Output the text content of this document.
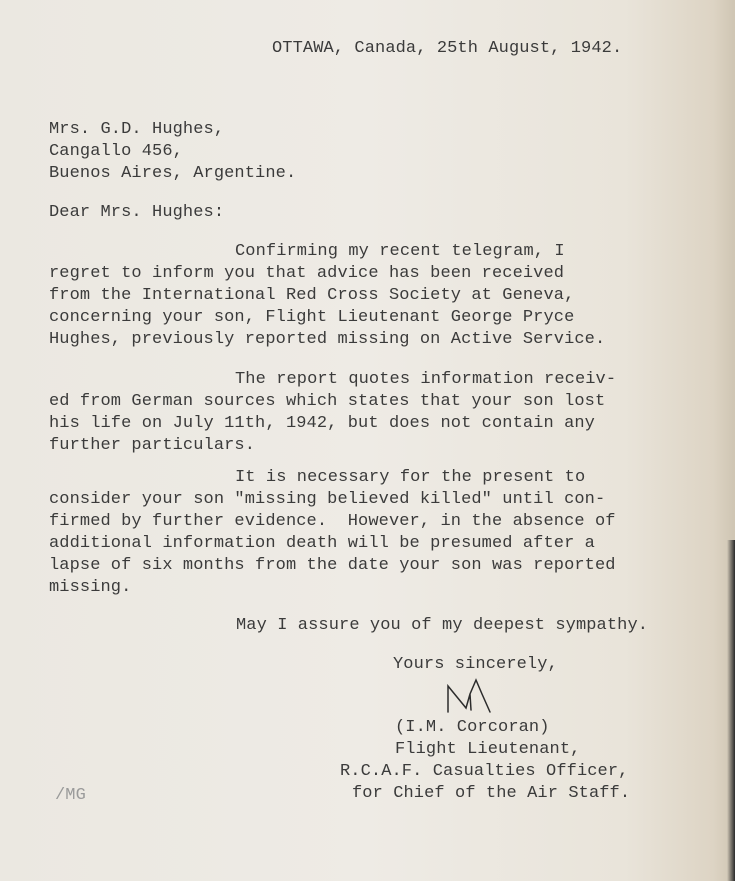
OTTAWA, Canada, 25th August, 1942.
Mrs. G.D. Hughes,
Cangallo 456,
Buenos Aires, Argentine.
Dear Mrs. Hughes:
Confirming my recent telegram, I
regret to inform you that advice has been received
from the International Red Cross Society at Geneva,
concerning your son, Flight Lieutenant George Pryce
Hughes, previously reported missing on Active Service.
The report quotes information receiv-
ed from German sources which states that your son lost
his life on July 11th, 1942, but does not contain any
further particulars.
It is necessary for the present to
consider your son "missing believed killed" until con-
firmed by further evidence.  However, in the absence of
additional information death will be presumed after a
lapse of six months from the date your son was reported
missing.
May I assure you of my deepest sympathy.
Yours sincerely,
(I.M. Corcoran)
Flight Lieutenant,
R.C.A.F. Casualties Officer,
for Chief of the Air Staff.
/MG
